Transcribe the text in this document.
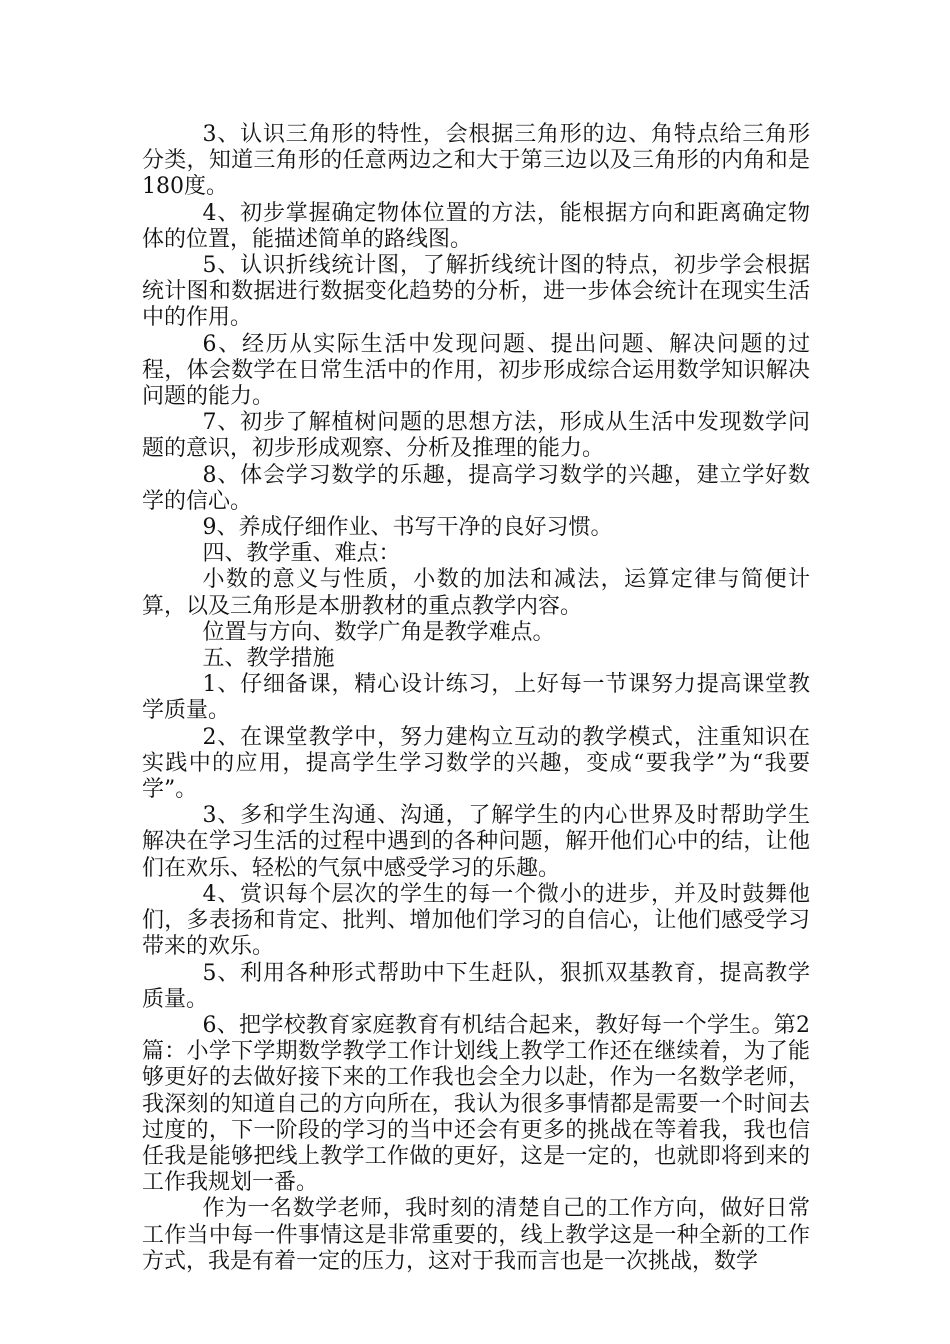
3、认识三角形的特性，会根据三角形的边、角特点给三角形分类，知道三角形的任意两边之和大于第三边以及三角形的内角和是180度。

4、初步掌握确定物体位置的方法，能根据方向和距离确定物体的位置，能描述简单的路线图。

5、认识折线统计图，了解折线统计图的特点，初步学会根据统计图和数据进行数据变化趋势的分析，进一步体会统计在现实生活中的作用。

6、经历从实际生活中发现问题、提出问题、解决问题的过程，体会数学在日常生活中的作用，初步形成综合运用数学知识解决问题的能力。

7、初步了解植树问题的思想方法，形成从生活中发现数学问题的意识，初步形成观察、分析及推理的能力。

8、体会学习数学的乐趣，提高学习数学的兴趣，建立学好数学的信心。

9、养成仔细作业、书写干净的良好习惯。

四、教学重、难点：

小数的意义与性质，小数的加法和减法，运算定律与简便计算，以及三角形是本册教材的重点教学内容。

位置与方向、数学广角是教学难点。

五、教学措施

1、仔细备课，精心设计练习，上好每一节课努力提高课堂教学质量。

2、在课堂教学中，努力建构立互动的教学模式，注重知识在实践中的应用，提高学生学习数学的兴趣，变成“要我学”为“我要学”。

3、多和学生沟通、沟通，了解学生的内心世界及时帮助学生解决在学习生活的过程中遇到的各种问题，解开他们心中的结，让他们在欢乐、轻松的气氛中感受学习的乐趣。

4、赏识每个层次的学生的每一个微小的进步，并及时鼓舞他们，多表扬和肯定、批判、增加他们学习的自信心，让他们感受学习带来的欢乐。

5、利用各种形式帮助中下生赶队，狠抓双基教育，提高教学质量。

6、把学校教育家庭教育有机结合起来，教好每一个学生。第2篇：小学下学期数学教学工作计划线上教学工作还在继续着，为了能够更好的去做好接下来的工作我也会全力以赴，作为一名数学老师，我深刻的知道自己的方向所在，我认为很多事情都是需要一个时间去过度的，下一阶段的学习的当中还会有更多的挑战在等着我，我也信任我是能够把线上教学工作做的更好，这是一定的，也就即将到来的工作我规划一番。

作为一名数学老师，我时刻的清楚自己的工作方向，做好日常工作当中每一件事情这是非常重要的，线上教学这是一种全新的工作方式，我是有着一定的压力，这对于我而言也是一次挑战，数学
